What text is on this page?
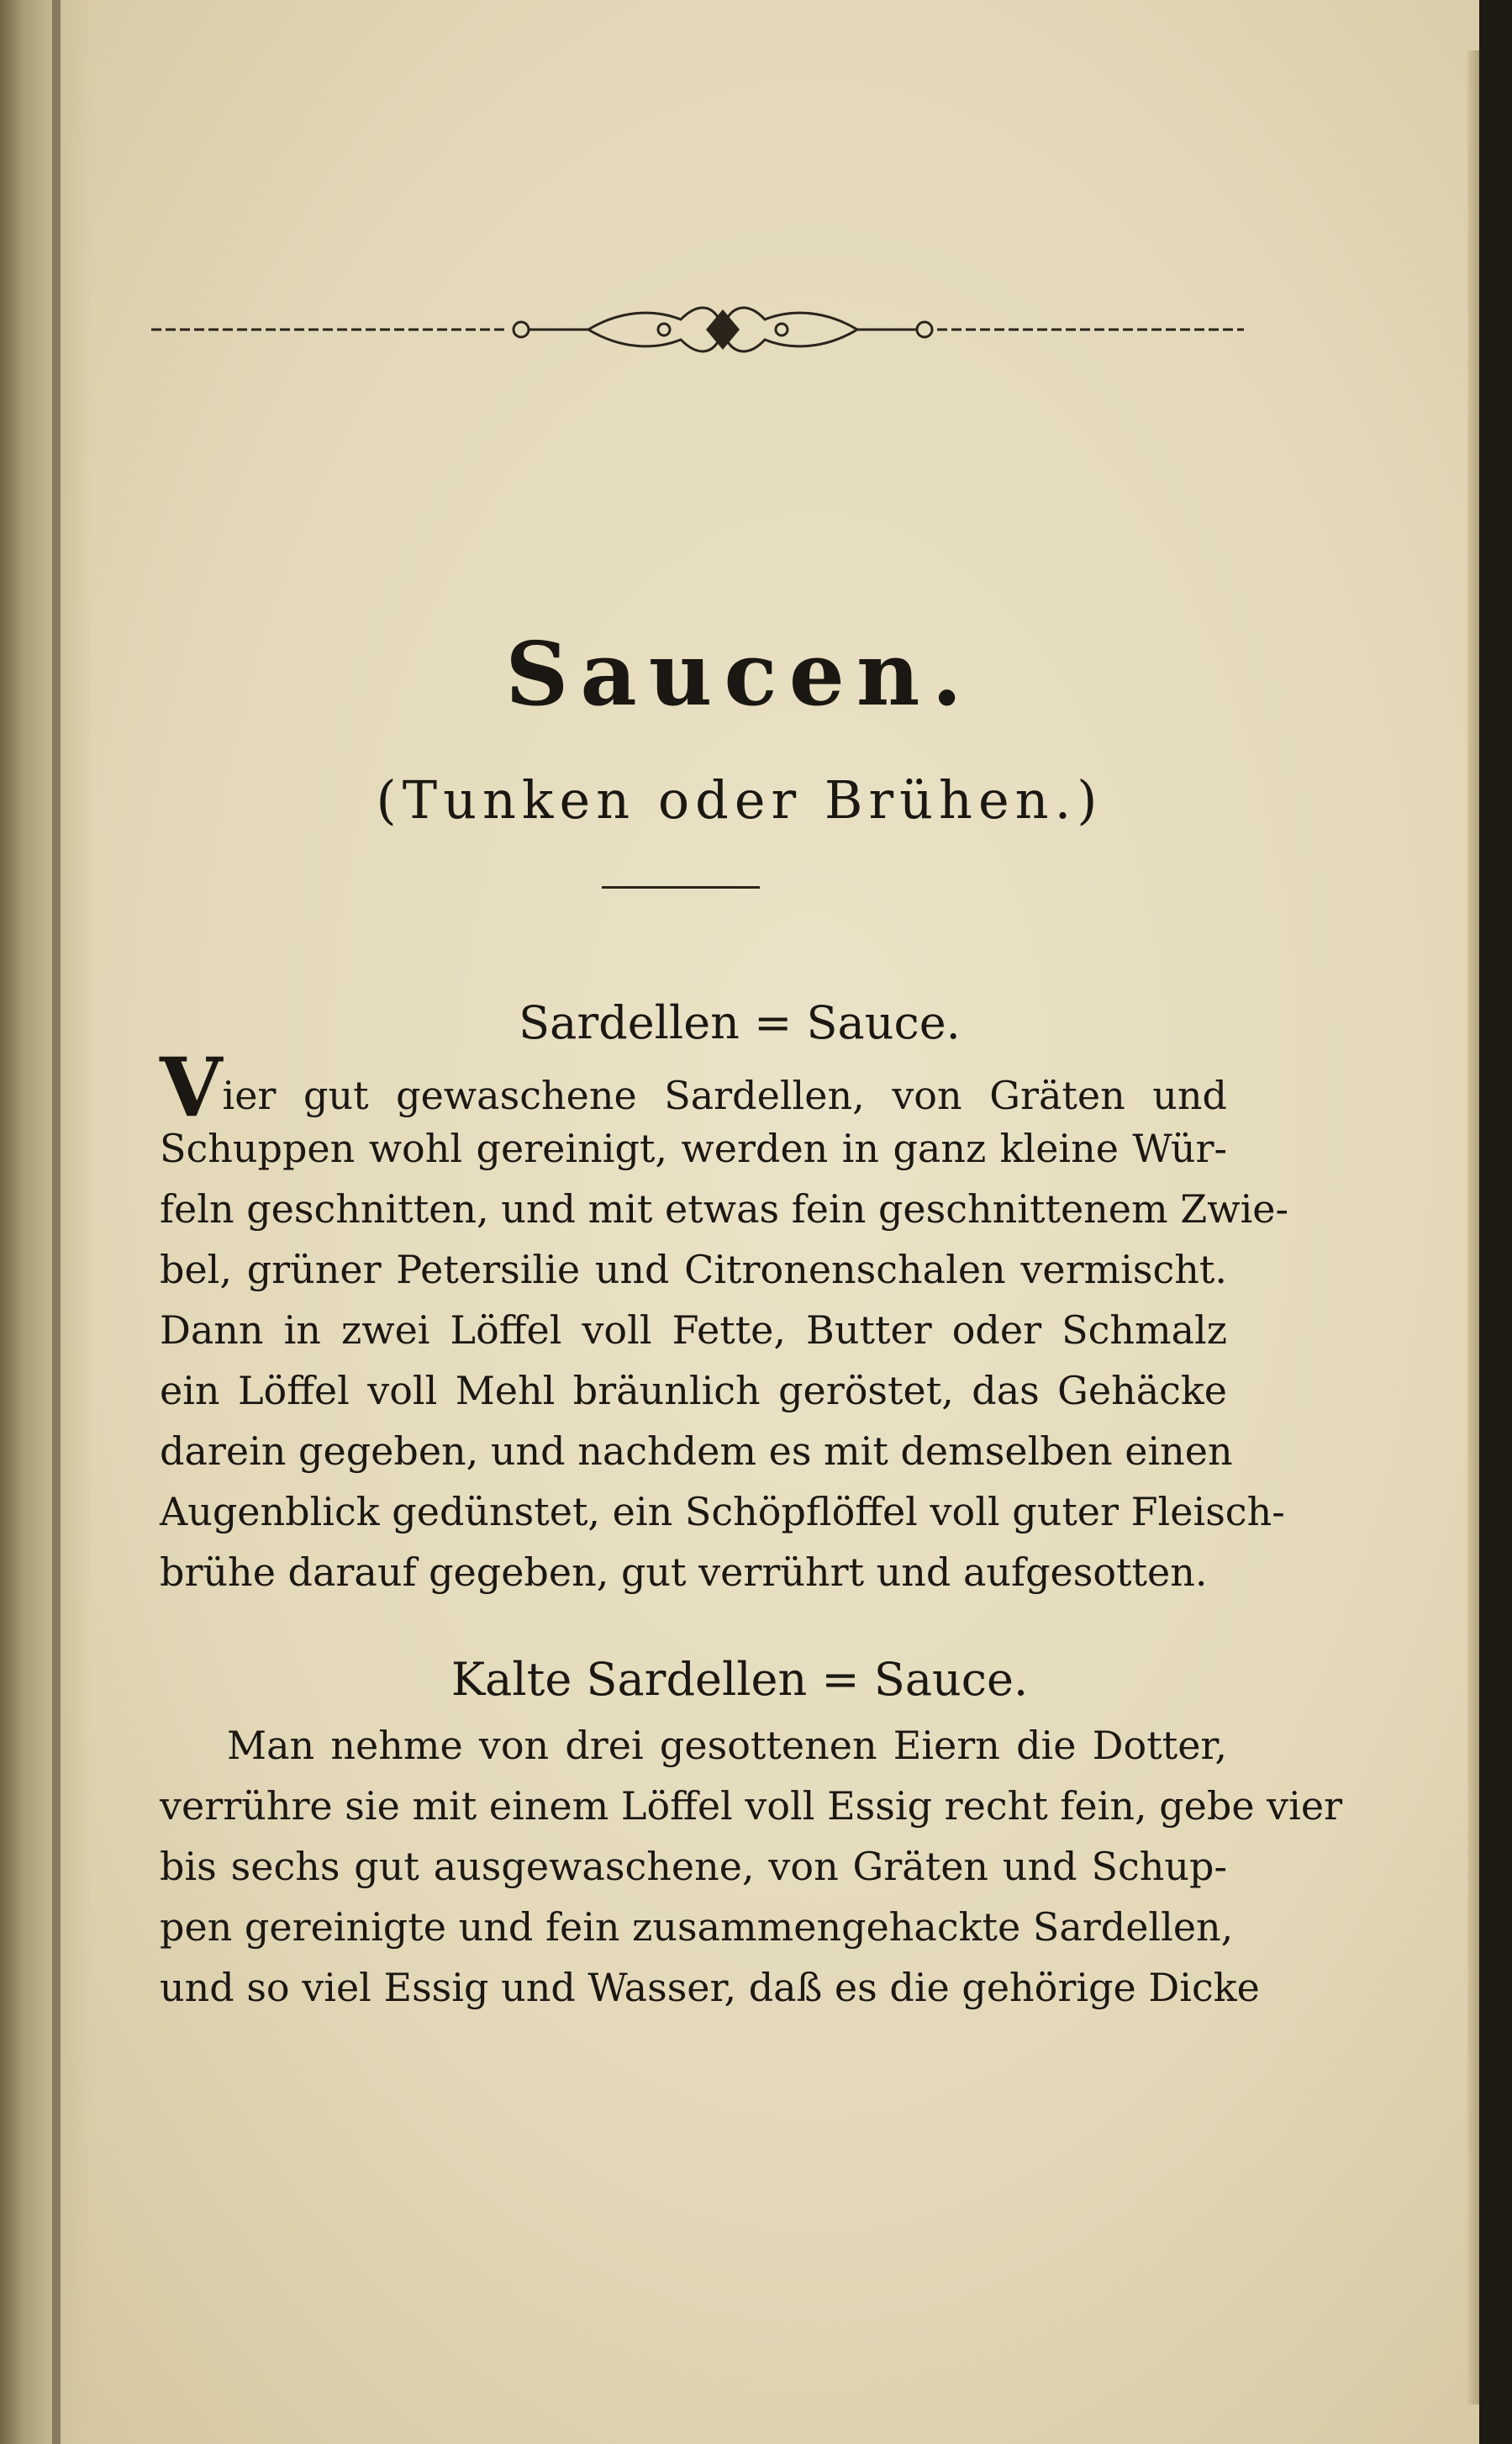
Saucen.
(Tunken oder Brühen.)
Sardellen = Sauce.
Vier gut gewaschene Sardellen, von Gräten und
Schuppen wohl gereinigt, werden in ganz kleine Wür-
feln geschnitten, und mit etwas fein geschnittenem Zwie-
bel, grüner Petersilie und Citronenschalen vermischt.
Dann in zwei Löffel voll Fette, Butter oder Schmalz
ein Löffel voll Mehl bräunlich geröstet, das Gehäcke
darein gegeben, und nachdem es mit demselben einen
Augenblick gedünstet, ein Schöpflöffel voll guter Fleisch-
brühe darauf gegeben, gut verrührt und aufgesotten.
Kalte Sardellen = Sauce.
Man nehme von drei gesottenen Eiern die Dotter,
verrühre sie mit einem Löffel voll Essig recht fein, gebe vier
bis sechs gut ausgewaschene, von Gräten und Schup-
pen gereinigte und fein zusammengehackte Sardellen,
und so viel Essig und Wasser, daß es die gehörige Dicke
